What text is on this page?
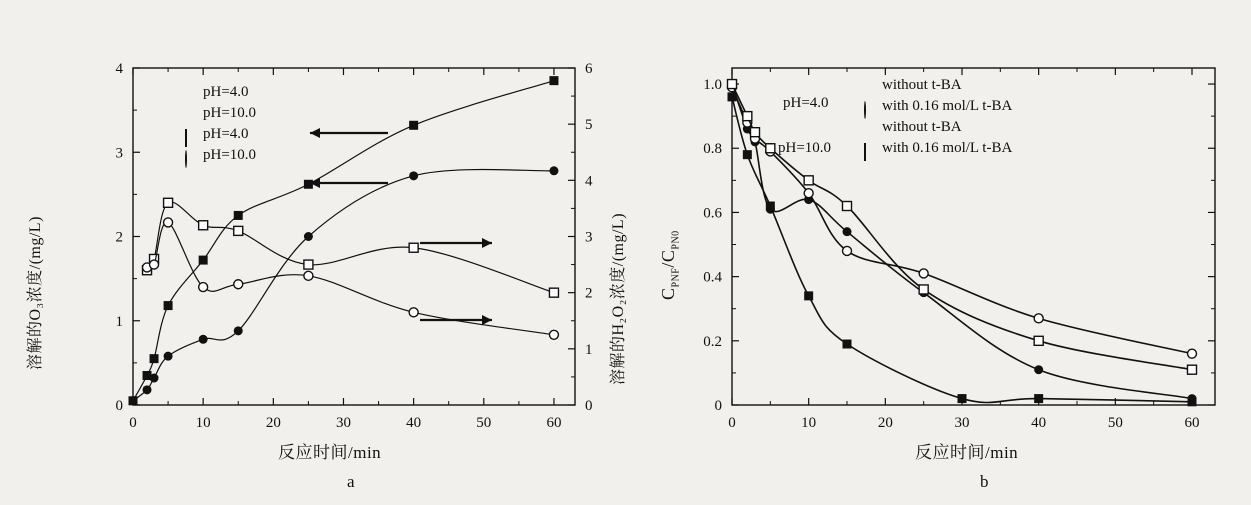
溶解的O₃浓度/(mg/L)	溶解的H₂O₂浓度/(mg/L)
反应时间/min
a
pH=4.0
pH=10.0
pH=4.0
pH=10.0
0	10	20	30	40	50	60
0
1
2
3
4
0
1
2
3
4
5
6
$C_{PNF}/C_{PN0}$
反应时间/min
b
pH=4.0
pH=10.0
without t-BA
with 0.16 mol/L t-BA
without t-BA
with 0.16 mol/L t-BA
0	10	20	30	40	50	60
0
0.2
0.4
0.6
0.8
1.0
